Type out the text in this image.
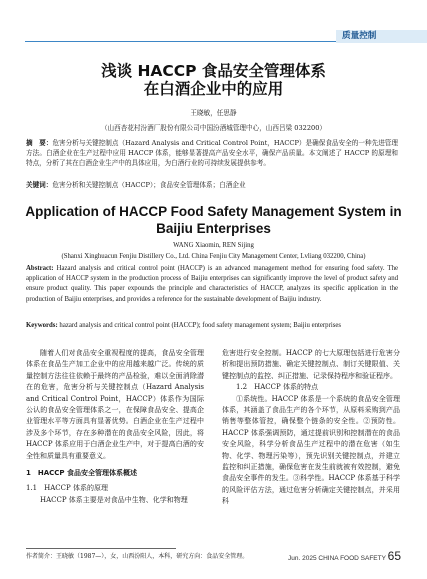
质量控制
浅谈 HACCP 食品安全管理体系
在白酒企业中的应用
王晓敏，任思静
（山西杏花村汾酒厂股份有限公司中国汾酒城管理中心，山西吕梁 032200）
摘　要：危害分析与关键控制点（Hazard Analysis and Critical Control Point，HACCP）是确保食品安全的一种先进管理方法。白酒企业在生产过程中应用 HACCP 体系，能够显著提高产品安全水平，确保产品质量。本文阐述了 HACCP 的原理和特点，分析了其在白酒企业生产中的具体应用，为白酒行业的可持续发展提供参考。
关键词：危害分析和关键控制点（HACCP）；食品安全管理体系；白酒企业
Application of HACCP Food Safety Management System in
Baijiu Enterprises
WANG Xiaomin, REN Sijing
(Shanxi Xinghuacun Fenjiu Distillery Co., Ltd. China Fenjiu City Management Center, Lvliang 032200, China)
Abstract: Hazard analysis and critical control point (HACCP) is an advanced management method for ensuring food safety. The application of HACCP system in the production process of Baijiu enterprises can significantly improve the level of product safety and ensure product quality. This paper expounds the principle and characteristics of HACCP, analyzes its specific application in the production of Baijiu enterprises, and provides a reference for the sustainable development of Baijiu industry.
Keywords: hazard analysis and critical control point (HACCP); food safety management system; Baijiu enterprises

随着人们对食品安全重视程度的提高，食品安全管理体系在食品生产加工企业中的应用越来越广泛。传统的质量控制方法往往依赖于最终的产品检验，难以全面消除潜在的危害，危害分析与关键控制点（Hazard Analysis and Critical Control Point，HACCP）体系作为国际公认的食品安全管理体系之一，在保障食品安全、提高企业管理水平等方面具有显著优势。白酒企业在生产过程中涉及多个环节，存在多种潜在的食品安全风险，因此，将 HACCP 体系应用于白酒企业生产中，对于提高白酒的安全性和质量具有重要意义。

1　HACCP 食品安全管理体系概述

1.1　HACCP 体系的原理

HACCP 体系主要是对食品中生物、化学和物理

危害进行安全控制。HACCP 的七大原理包括进行危害分析和提出预防措施、确定关键控制点、制订关键限值、关键控制点的监控、纠正措施、记录保持程序和验证程序。

1.2　HACCP 体系的特点

①系统性。HACCP 体系是一个系统的食品安全管理体系，其涵盖了食品生产的各个环节，从原料采购到产品销售等整体管控，确保整个链条的安全性。②预防性。HACCP 体系强调预防，通过提前识别和控制潜在的食品安全风险，科学分析食品生产过程中的潜在危害（如生物、化学、物理污染等），预先识别关键控制点，并建立监控和纠正措施，确保危害在发生前就被有效控制，避免食品安全事件的发生。③科学性。HACCP 体系基于科学的风险评估方法，通过危害分析确定关键控制点，并采用科

作者简介：王晓敏（1987—），女，山西汾阳人，本科，研究方向：食品安全管理。	Jun. 2025 CHINA FOOD SAFETY 65
